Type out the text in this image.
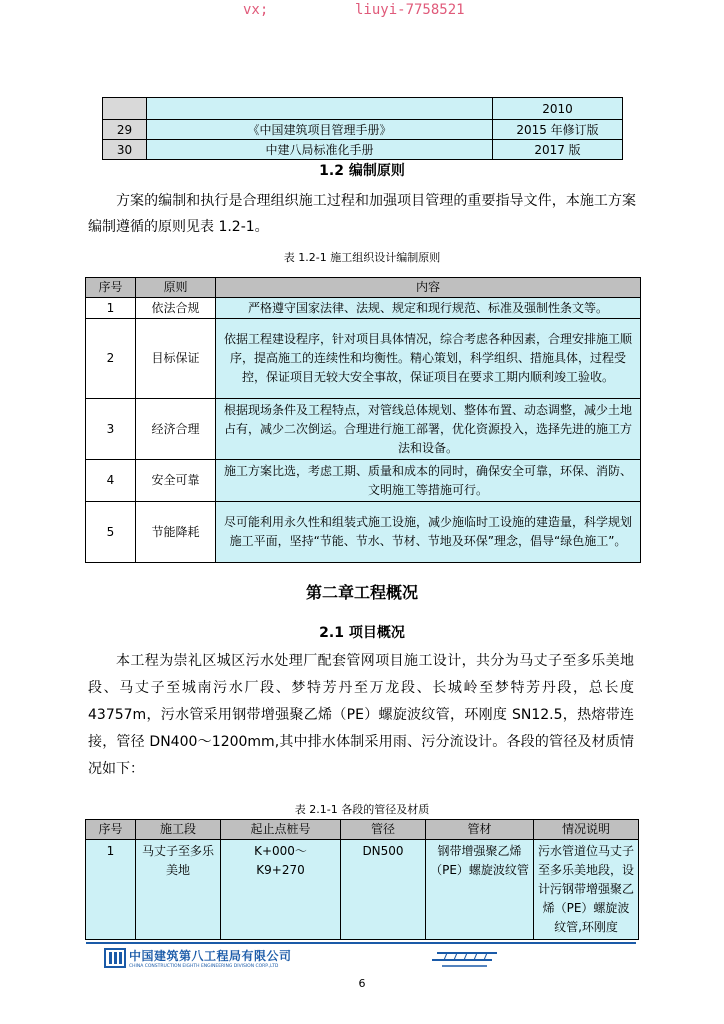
vx;	liuyi-7758521
		2010
29	《中国建筑项目管理手册》	2015 年修订版
30	中建八局标准化手册	2017 版
1.2 编制原则
方案的编制和执行是合理组织施工过程和加强项目管理的重要指导文件，本施工方案编制遵循的原则见表 1.2-1。
表 1.2-1 施工组织设计编制原则
序号	原则	内容
1	依法合规	严格遵守国家法律、法规、规定和现行规范、标准及强制性条文等。
2	目标保证	依据工程建设程序，针对项目具体情况，综合考虑各种因素，合理安排施工顺序，提高施工的连续性和均衡性。精心策划，科学组织、措施具体，过程受控，保证项目无较大安全事故，保证项目在要求工期内顺利竣工验收。
3	经济合理	根据现场条件及工程特点，对管线总体规划、整体布置、动态调整，减少土地占有，减少二次倒运。合理进行施工部署，优化资源投入，选择先进的施工方法和设备。
4	安全可靠	施工方案比选，考虑工期、质量和成本的同时，确保安全可靠，环保、消防、文明施工等措施可行。
5	节能降耗	尽可能利用永久性和组装式施工设施，减少施临时工设施的建造量，科学规划施工平面，坚持“节能、节水、节材、节地及环保”理念，倡导“绿色施工”。
第二章工程概况
2.1 项目概况
本工程为崇礼区城区污水处理厂配套管网项目施工设计，共分为马丈子至多乐美地段、马丈子至城南污水厂段、梦特芳丹至万龙段、长城岭至梦特芳丹段，总长度43757m，污水管采用钢带增强聚乙烯（PE）螺旋波纹管，环刚度 SN12.5，热熔带连接，管径 DN400～1200mm,其中排水体制采用雨、污分流设计。各段的管径及材质情况如下：
表 2.1-1 各段的管径及材质
序号	施工段	起止点桩号	管径	管材	情况说明
1	马丈子至多乐美地	K+000～K9+270	DN500	钢带增强聚乙烯（PE）螺旋波纹管	污水管道位马丈子至多乐美地段，设计污钢带增强聚乙烯（PE）螺旋波纹管,环刚度
中国建筑第八工程局有限公司
CHINA CONSTRUCTION EIGHTH ENGINEERING DIVISION CORP.,LTD
6
